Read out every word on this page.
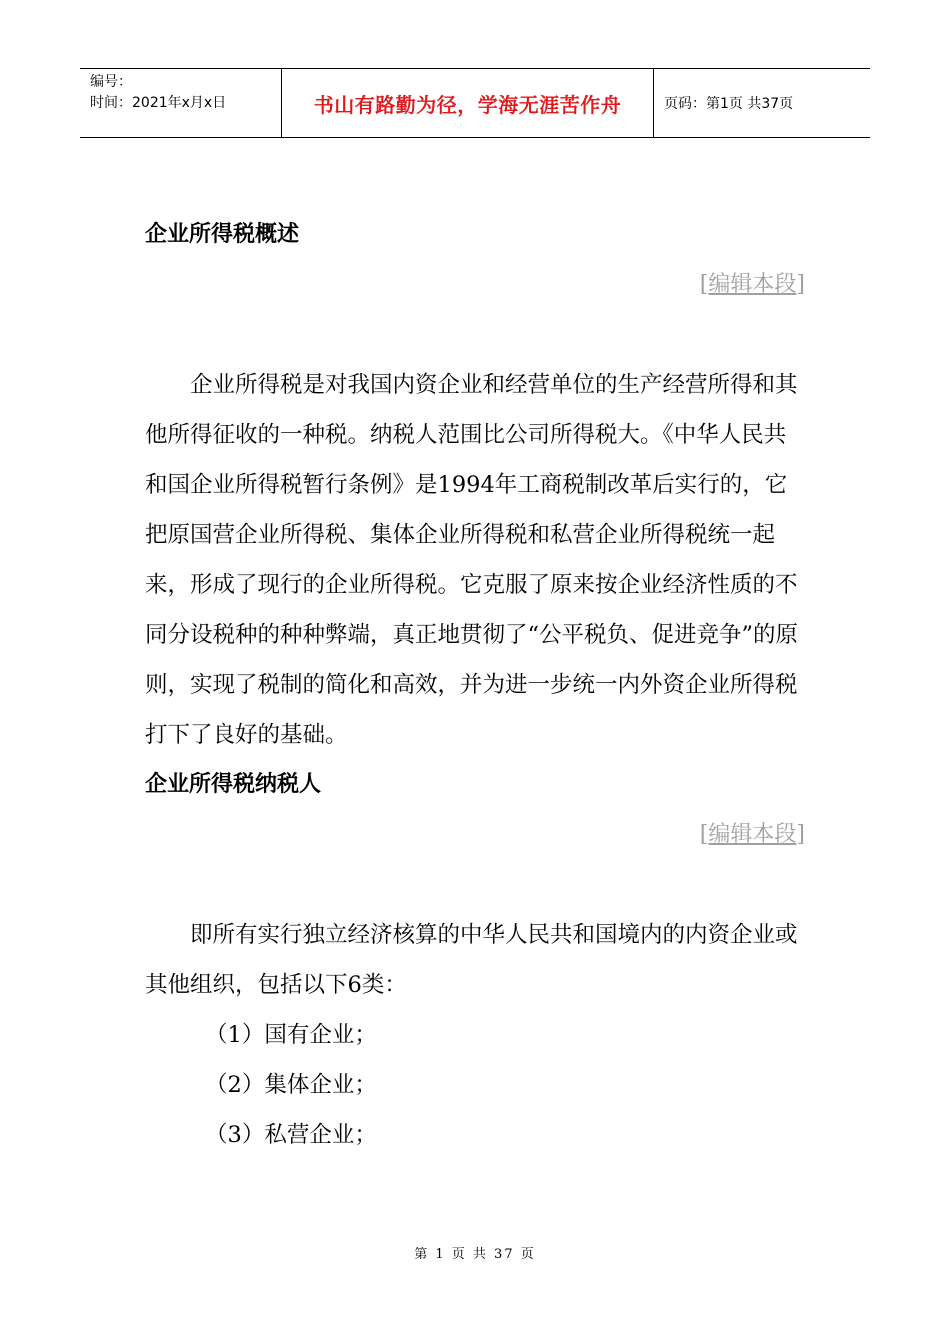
编号：
时间：2021年x月x日	书山有路勤为径，学海无涯苦作舟	页码：第1页 共37页
企业所得税概述
[编辑本段]

企业所得税是对我国内资企业和经营单位的生产经营所得和其他所得征收的一种税。纳税人范围比公司所得税大。《中华人民共和国企业所得税暂行条例》是1994年工商税制改革后实行的，它把原国营企业所得税、集体企业所得税和私营企业所得税统一起来，形成了现行的企业所得税。它克服了原来按企业经济性质的不同分设税种的种种弊端，真正地贯彻了“公平税负、促进竞争”的原则，实现了税制的简化和高效，并为进一步统一内外资企业所得税打下了良好的基础。

企业所得税纳税人
[编辑本段]

即所有实行独立经济核算的中华人民共和国境内的内资企业或其他组织，包括以下6类：

（1）国有企业；
（2）集体企业；
（3）私营企业；
第 1 页 共 37 页
